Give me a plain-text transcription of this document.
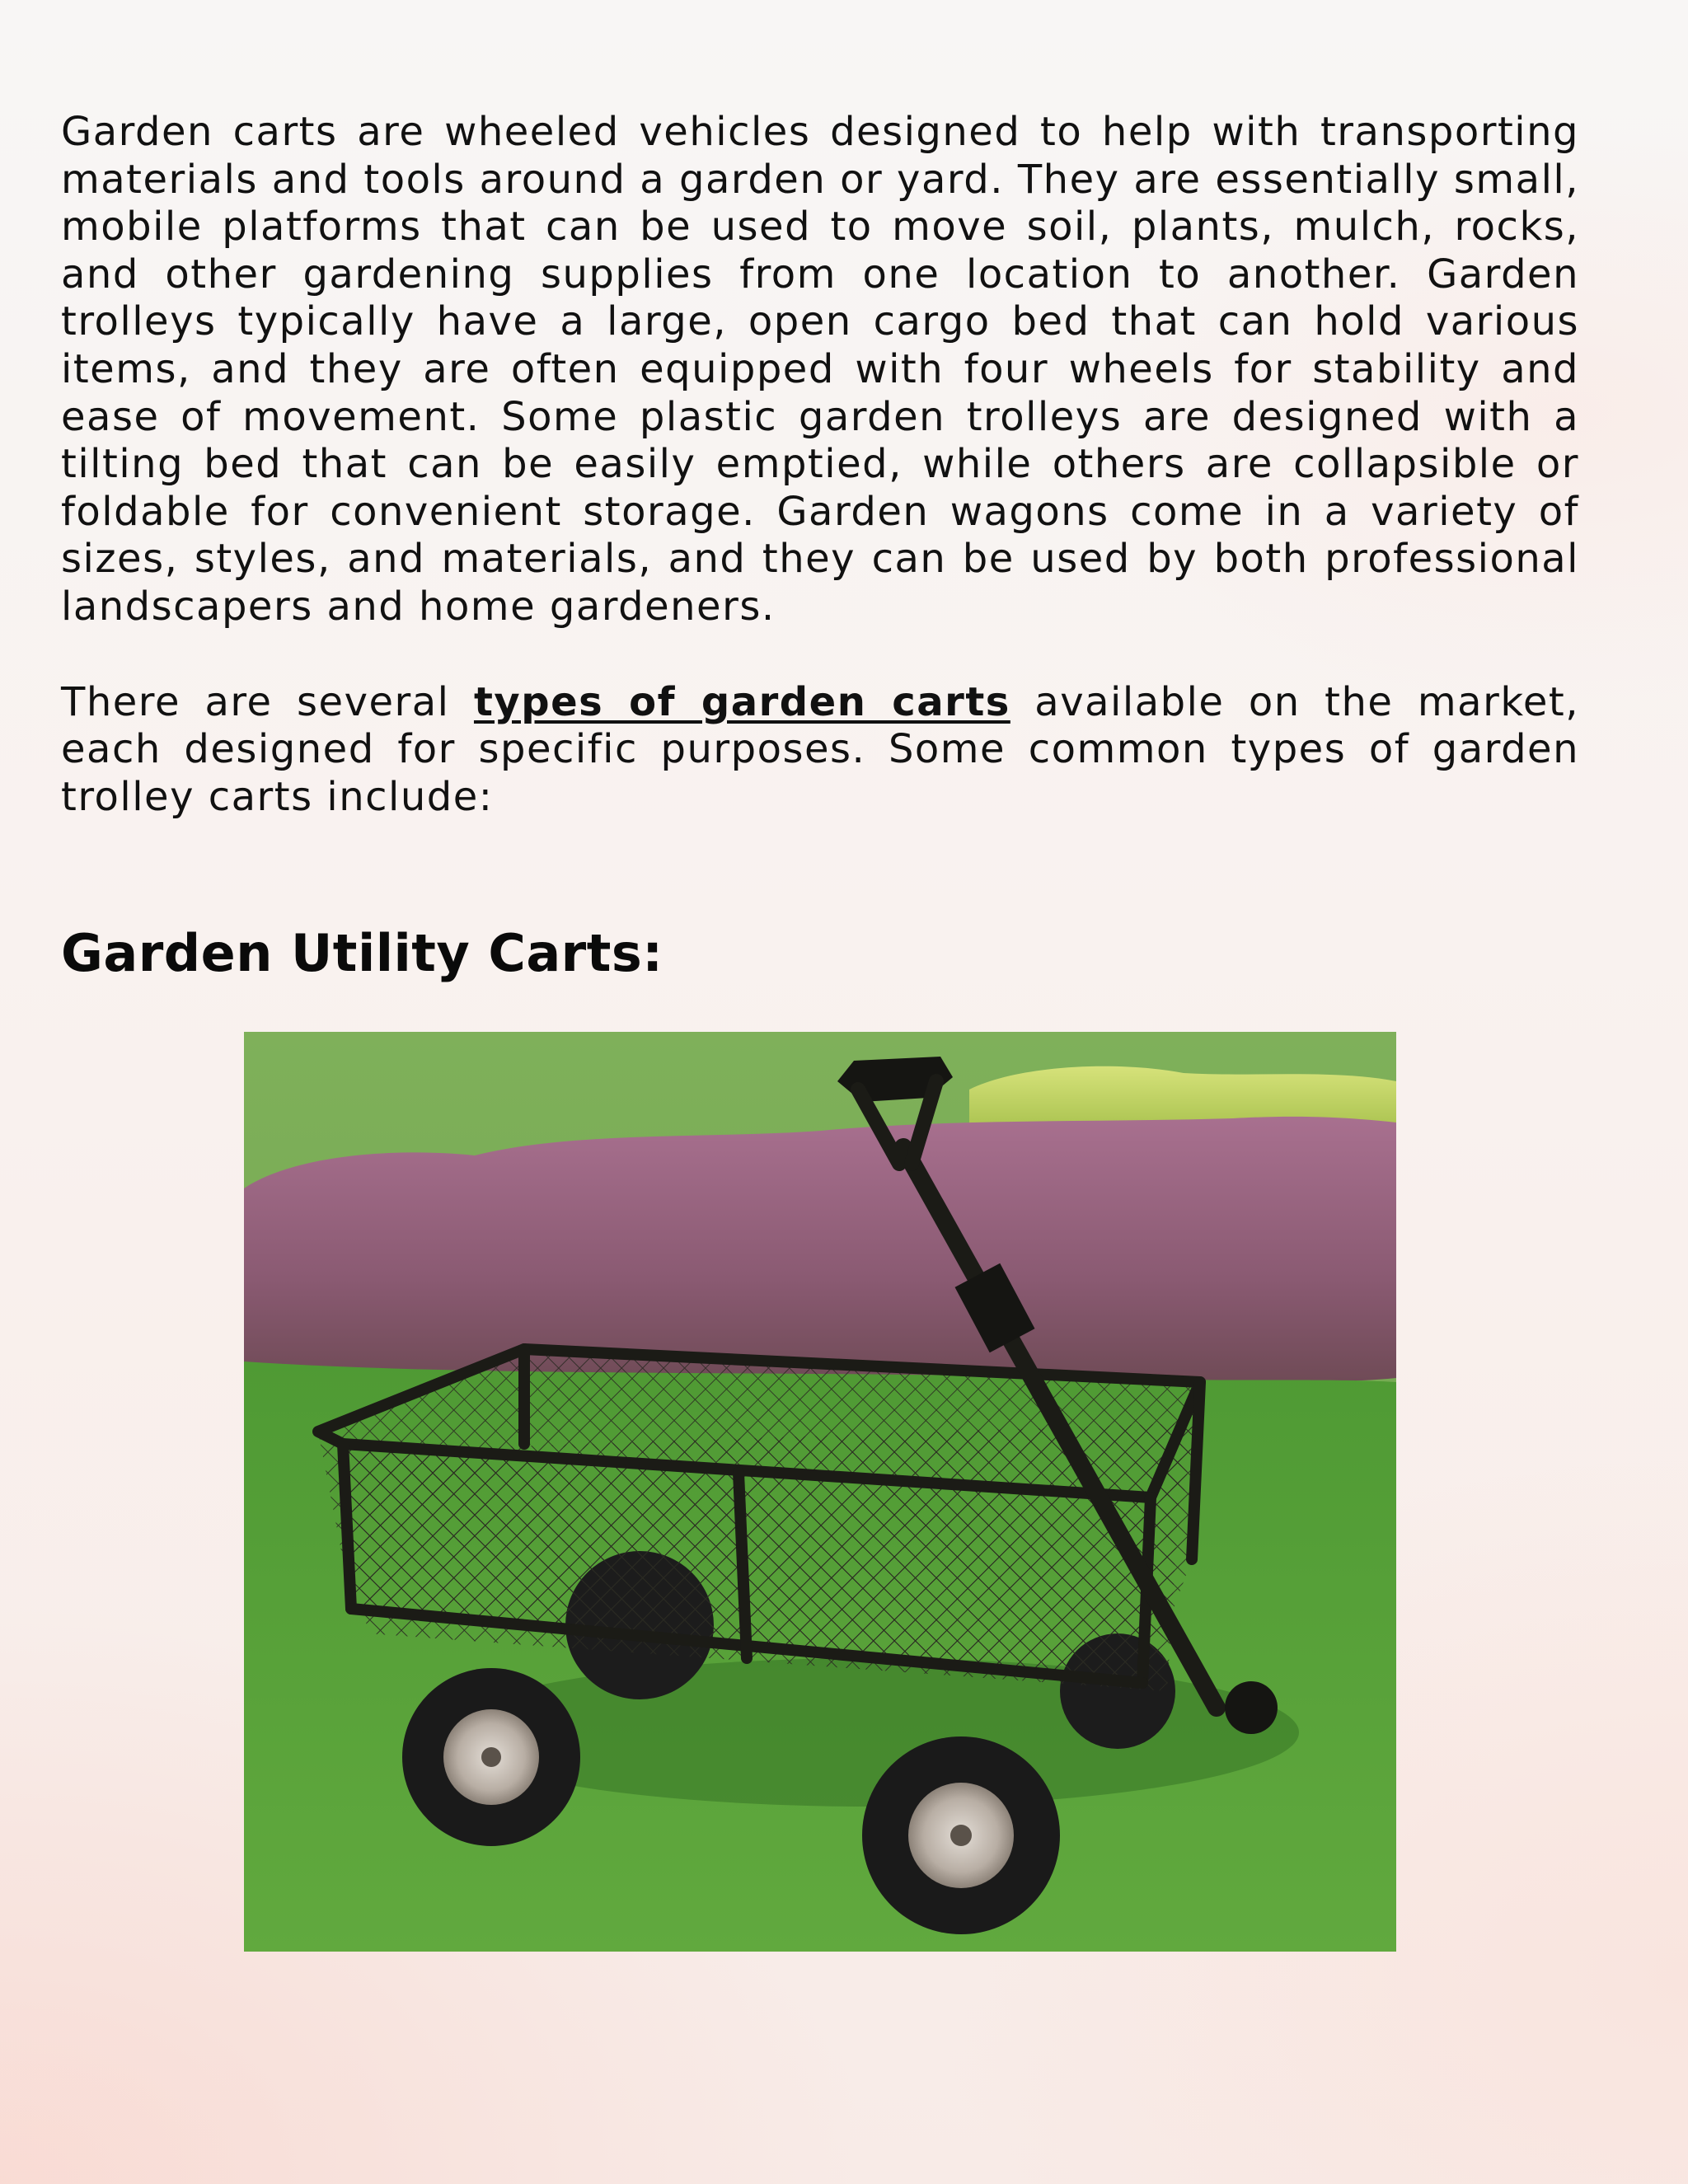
Garden carts are wheeled vehicles designed to help with transporting materials and tools around a garden or yard. They are essentially small, mobile platforms that can be used to move soil, plants, mulch, rocks, and other gardening supplies from one location to another. Garden trolleys typically have a large, open cargo bed that can hold various items, and they are often equipped with four wheels for stability and ease of movement. Some plastic garden trolleys are designed with a tilting bed that can be easily emptied, while others are collapsible or foldable for convenient storage. Garden wagons come in a variety of sizes, styles, and materials, and they can be used by both professional landscapers and home gardeners.

There are several types of garden carts available on the market, each designed for specific purposes. Some common types of garden trolley carts include:

Garden Utility Carts:
